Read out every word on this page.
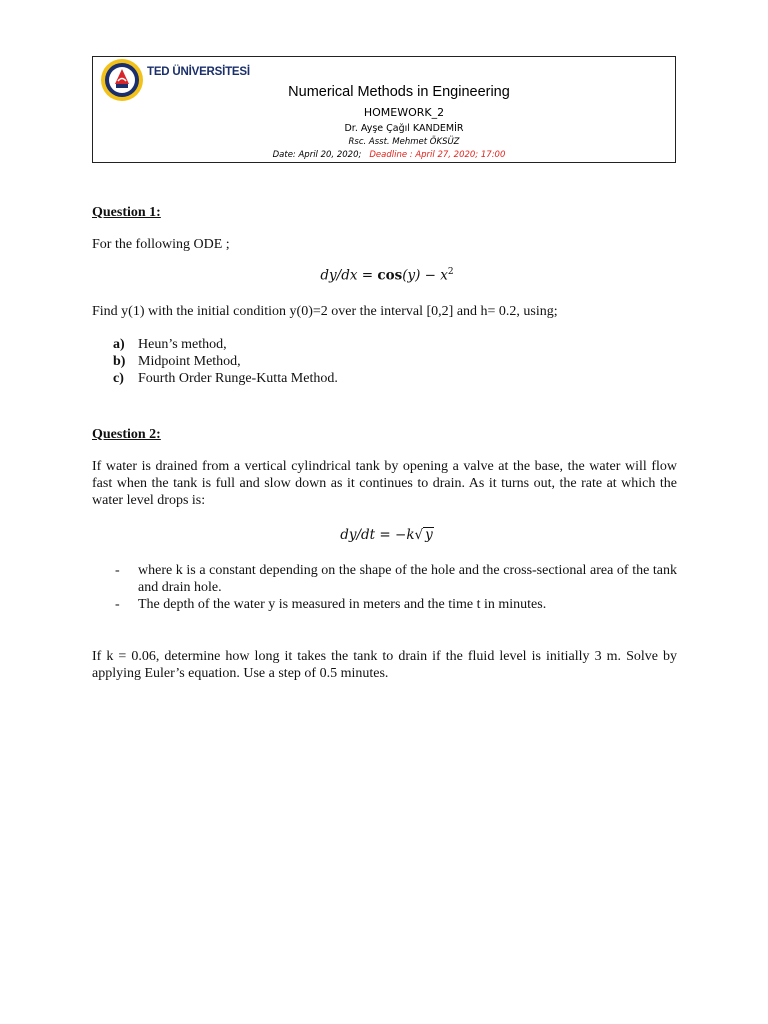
TED ÜNİVERSİTESİ
Numerical Methods in Engineering
HOMEWORK_2
Dr. Ayşe Çağıl KANDEMİR
Rsc. Asst. Mehmet ÖKSÜZ
Date: April 20, 2020; Deadline : April 27, 2020; 17:00
Question 1:
For the following ODE ;
$dy/dx = \cos(y) - x^2$
Find y(1) with the initial condition y(0)=2 over the interval [0,2] and h= 0.2, using;
a) Heun’s method,
b) Midpoint Method,
c) Fourth Order Runge-Kutta Method.
Question 2:
If water is drained from a vertical cylindrical tank by opening a valve at the base, the water will flow fast when the tank is full and slow down as it continues to drain. As it turns out, the rate at which the water level drops is:
dy/dt = −k√ y
- where k is a constant depending on the shape of the hole and the cross-sectional area of the tank and drain hole.
- The depth of the water y is measured in meters and the time t in minutes.
If k = 0.06, determine how long it takes the tank to drain if the fluid level is initially 3 m. Solve by applying Euler’s equation. Use a step of 0.5 minutes.
